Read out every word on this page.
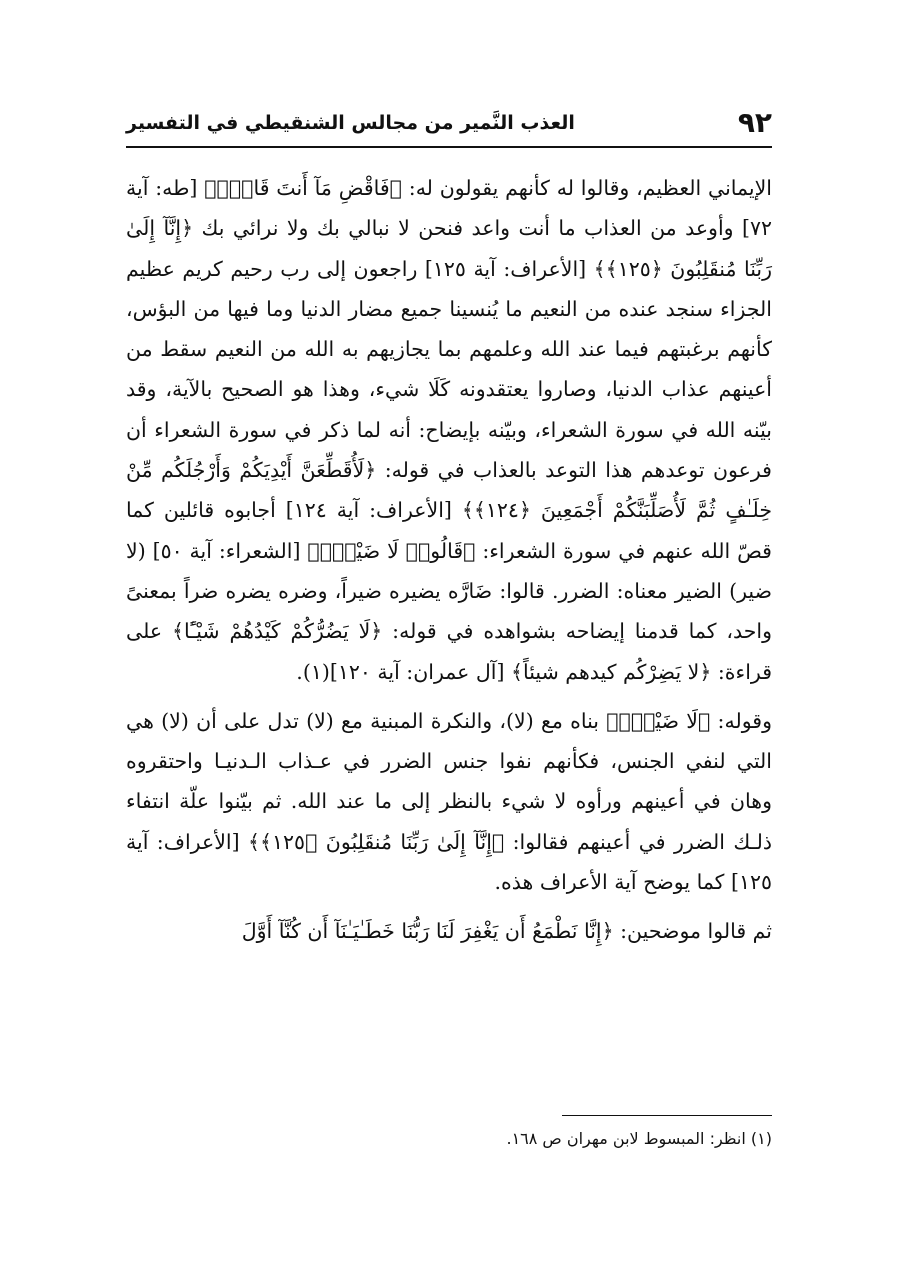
٩٢
العذب النَّمير من مجالس الشنقيطي في التفسير

الإيماني العظيم، وقالوا له كأنهم يقولون له: ﴿فَاقْضِ مَآ أَنتَ قَاضٍۖ﴾ [طه: آية ٧٢] وأوعد من العذاب ما أنت واعد فنحن لا نبالي بك ولا نرائي بك ﴿إِنَّآ إِلَىٰ رَبِّنَا مُنقَلِبُونَ ﴿١٢٥﴾﴾ [الأعراف: آية ١٢٥] راجعون إلى رب رحيم كريم عظيم الجزاء سنجد عنده من النعيم ما يُنسينا جميع مضار الدنيا وما فيها من البؤس، كأنهم برغبتهم فيما عند الله وعلمهم بما يجازيهم به الله من النعيم سقط من أعينهم عذاب الدنيا، وصاروا يعتقدونه كَلَا شيء، وهذا هو الصحيح بالآية، وقد بيّنه الله في سورة الشعراء، وبيّنه بإيضاح: أنه لما ذكر في سورة الشعراء أن فرعون توعدهم هذا التوعد بالعذاب في قوله: ﴿لَأُقَطِّعَنَّ أَيْدِيَكُمْ وَأَرْجُلَكُم مِّنْ خِلَـٰفٍ ثُمَّ لَأُصَلِّبَنَّكُمْ أَجْمَعِينَ ﴿١٢٤﴾﴾ [الأعراف: آية ١٢٤] أجابوه قائلين كما قصّ الله عنهم في سورة الشعراء: ﴿قَالُوا۟ لَا ضَيْرَۖ﴾ [الشعراء: آية ٥٠] (لا ضير) الضير معناه: الضرر. قالوا: ضَارَّه يضيره ضيراً، وضره يضره ضراً بمعنىً واحد، كما قدمنا إيضاحه بشواهده في قوله: ﴿لَا يَضُرُّكُمْ كَيْدُهُمْ شَيْـًٔا﴾ على قراءة: ﴿لا يَضِرْكُم كيدهم شيئاً﴾ [آل عمران: آية ١٢٠](١).

وقوله: ﴿لَا ضَيْرَۖ﴾ بناه مع (لا)، والنكرة المبنية مع (لا) تدل على أن (لا) هي التي لنفي الجنس، فكأنهم نفوا جنس الضرر في عـذاب الـدنيـا واحتقروه وهان في أعينهم ورأوه لا شيء بالنظر إلى ما عند الله. ثم بيّنوا علّة انتفاء ذلـك الضرر في أعينهم فقالوا: ﴿إِنَّآ إِلَىٰ رَبِّنَا مُنقَلِبُونَ ﴿١٢٥﴾﴾ [الأعراف: آية ١٢٥] كما يوضح آية الأعراف هذه.

ثم قالوا موضحين: ﴿إِنَّا نَطْمَعُ أَن يَغْفِرَ لَنَا رَبُّنَا خَطَـٰيَـٰنَآ أَن كُنَّآ أَوَّلَ

(١) انظر: المبسوط لابن مهران ص ١٦٨.
